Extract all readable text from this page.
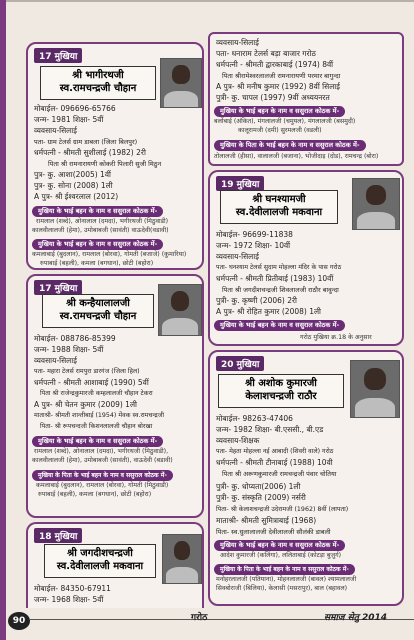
17 मुखिया
श्री भागीरथजी
स्व.रामचन्द्रजी चौहान
मोबाईल- 096696-65766
जन्म- 1981 शिक्षा- 5वीं
व्यवसाय-सिलाई
पता- ग्राम टेलर्स ग्राम डाबला (जिला बिलपुर)
धर्मपत्नी - श्रीमती सुशीलाई (1982) 2री
पिता श्री रामनारायणी कोकरी पिलारी सुजी मिठुन
पुत्र- कु. आशा(2005) 1वीं
पुत्र- कु. सोना (2008) 1ली
A पुत्र- श्री ईश्वरलाल (2012)
मुखिया के भाई बहन के नाम व ससुराल कोठक में-
रामलाल (शब्दे), ओनालाल (दमदा), भगीरथजी (मिठुवाडी)
कालवीलालजी (हेमा), उमोबाबजी (सावंती) वाऊदेवी(वडावी)
मुखिया के भाई बहन के नाम व ससुराल कोठक में-
कमलाबाई (बुदलान), रामलाल (बोरवा), गोमती (बजाजे) (कुमारिया)
रुपाबाई (बहली), कमला (बगधान), छोटी (बहोरा)
व्यवसाय-सिलाई
पता- धनाराम टेलर्स बड़ा बाजार गरोठ
धर्मपत्नी - श्रीमती द्वारकाबाई (1974) 8वीं
पिता श्रीरामेश्वरलालजी रामनारायणी परमार बागुन्दा
A पुत्र- श्री मनीष कुमार (1992) 8वीं सिलाई
पुत्री- कु. चापल (1997) 9वीं अध्ययनरत
मुखिया के भाई बहन के नाम व ससुराल कोठक में-
बर्लोबाई (अंकित), मंगलालजी (चमुयल), मंगलालजी (बसमुदी)
कालूरामजी (दमी) सुरमलजी (वडली)
मुखिया के पिता के भाई बहन के नाम व ससुराल कोठक में-
तोलालजी (हीसा), वालालजी (बजाना), भोजीदाइ (दोड), रामचन्द्र (बोरा)
19 मुखिया
श्री घनश्यामजी
स्व.देवीलालजी मकवाना
मोबाईल- 96699-11838
जन्म- 1972 शिक्षा- 10वीं
व्यवसाय-सिलाई
पता- घनश्याम टेलर्स सुदाम मोहल्ला मंदिर के पास गरोठ
धर्मपत्नी - श्रीमती प्रितीबाई (1983) 10वीं
पिता श्री जगदीशचन्द्रजी शिवलालजी राठौर बावुन्दा
पुत्री- कु. कृष्णी (2006) 2री
A पुत्र- श्री रोहित कुमार (2008) 1ली
मुखिया के भाई बहन के नाम व ससुराल कोठक में-
गरोठ मुखिया क्र.18 के अनुसार
17 मुखिया
श्री कन्हैयालालजी
स्व.रामचन्द्रजी चौहान
मोबाईल- 088786-85399
जन्म- 1988 शिक्षा- 5वीं
व्यवसाय-सिलाई
पता- महारा टेलर्स रामपुरा डारगंज (जिला हिल)
धर्मपत्नी - श्रीमती आशाबाई (1990) 5वीं
पिता श्री राजेन्द्रकुमारजी कम्हलालजी चौहान टेकरा
A पुत्र- श्री चेतन कुमार (2009) 1ली
माताश्री- श्रीमती शान्तीबाई (1954) मेंवक स्व.रामचन्द्रजी
पिता- श्री रूपचन्दजी किशनलालजी चौहान बोरखा
मुखिया के भाई बहन के नाम व ससुराल कोठक में-
रामलाल (शब्दे), ओनालाल (दमदा), भगीरथजी (मिठुवाडी),
कालवीलालजी (हेमा), उमोबाबजी (सावंती), वाऊदेवी (बडावी)
मुखिया के पिता के भाई बहन के नाम व ससुराल कोठक में-
कमलाबाई (बुदलान), रामलाल (बोरवा), गोमती (मिठुवाडी)
रुपाबाई (बहली), कमला (बगधान), छोटी (बहोरा)
20 मुखिया
श्री अशोक कुमारजी
केलाशचन्द्रजी राठौर
मोबाईल- 98263-47406
जन्म- 1982 शिक्षा- बी.एससी., बी.एड
व्यवसाय-शिक्षक
पता- मेहता मोहल्ला नई आबादी (शिवरी वाले) गरोठ
धर्मपत्नी - श्रीमती टीनाबाई (1988) 10वी
पिता श्री अरूणकुमारजी रामचन्द्रजी पंवार चोतिया
पुत्री- कु. धोप्यता(2006) 1ली
पुत्री- कु. संस्कृति (2009) नर्सरी
पिता- श्री केलाशचन्द्रजी उदेरामजी (1962) 8वीं (लापता)
माताश्री- श्रीमती सुमित्राबाई (1968)
पिता- स्व.धुलालालजी देवीलालजी सौलंकी डाबली
मुखिया के भाई बहन के नाम व ससुराल कोठक में-
आदेश कुमारजी (कलिंगा), ललिताबाई (कोटड़ा बुजुर्ग)
मुखिया के पिता के भाई बहन के नाम व ससुराल कोठक में-
मनोहरलालजी (पतियाना), मोहनलालजी (बावल) श्यामलालजी
सिवबोराजी (बिलिया), केलासी (मसरापुर), बाल (बहावल)
18 मुखिया
श्री जगदीशचन्द्रजी
स्व.देवीलालजी मकवाना
मोबाईल- 84350-67911
जन्म- 1968 शिक्षा- 5वीं
90	गरोठ	समाज सेतु 2014
